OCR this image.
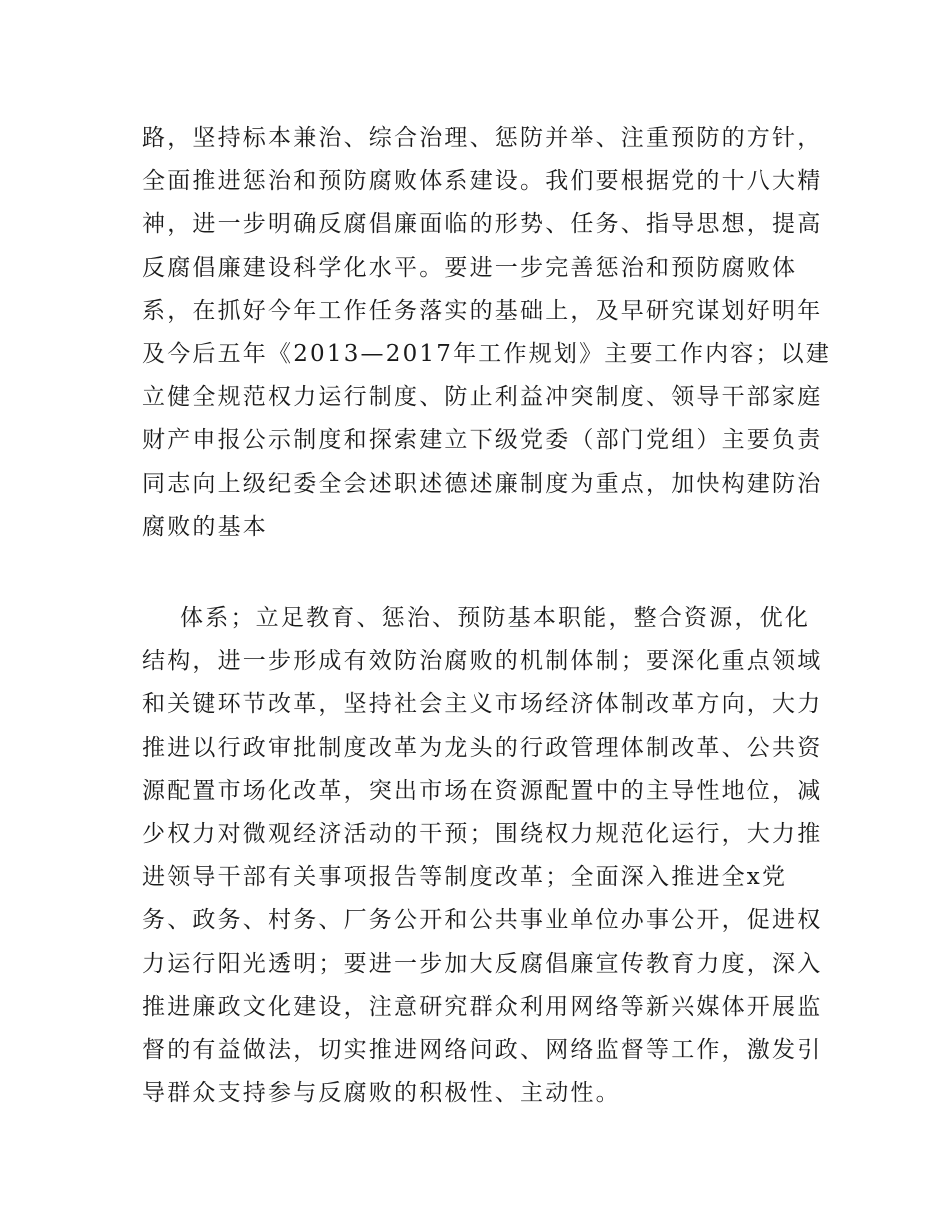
路，坚持标本兼治、综合治理、惩防并举、注重预防的方针，
全面推进惩治和预防腐败体系建设。我们要根据党的十八大精
神，进一步明确反腐倡廉面临的形势、任务、指导思想，提高
反腐倡廉建设科学化水平。要进一步完善惩治和预防腐败体
系，在抓好今年工作任务落实的基础上，及早研究谋划好明年
及今后五年《2013—2017年工作规划》主要工作内容；以建
立健全规范权力运行制度、防止利益冲突制度、领导干部家庭
财产申报公示制度和探索建立下级党委（部门党组）主要负责
同志向上级纪委全会述职述德述廉制度为重点，加快构建防治
腐败的基本
体系；立足教育、惩治、预防基本职能，整合资源，优化
结构，进一步形成有效防治腐败的机制体制；要深化重点领域
和关键环节改革，坚持社会主义市场经济体制改革方向，大力
推进以行政审批制度改革为龙头的行政管理体制改革、公共资
源配置市场化改革，突出市场在资源配置中的主导性地位，减
少权力对微观经济活动的干预；围绕权力规范化运行，大力推
进领导干部有关事项报告等制度改革；全面深入推进全x党
务、政务、村务、厂务公开和公共事业单位办事公开，促进权
力运行阳光透明；要进一步加大反腐倡廉宣传教育力度，深入
推进廉政文化建设，注意研究群众利用网络等新兴媒体开展监
督的有益做法，切实推进网络问政、网络监督等工作，激发引
导群众支持参与反腐败的积极性、主动性。
